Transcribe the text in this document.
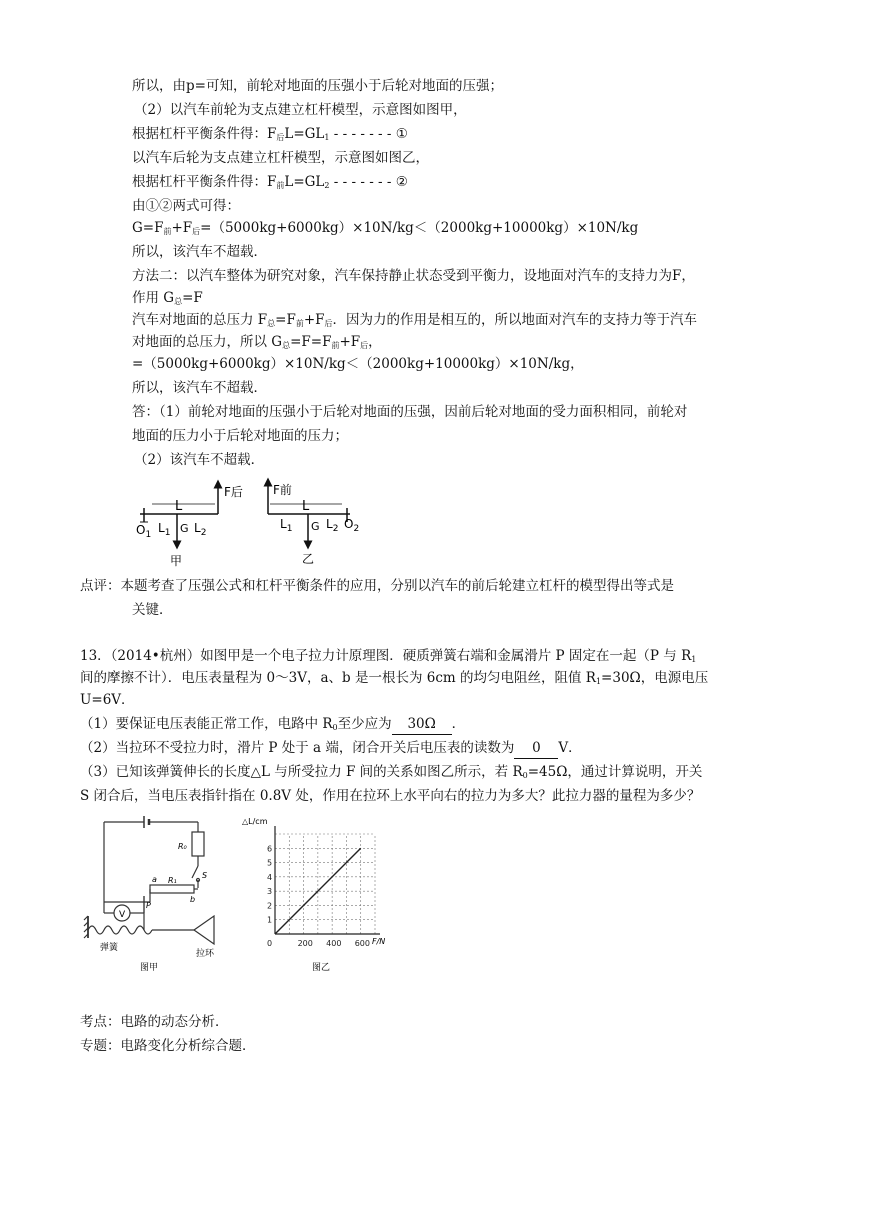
所以，由p=可知，前轮对地面的压强小于后轮对地面的压强；
（2）以汽车前轮为支点建立杠杆模型，示意图如图甲，
根据杠杆平衡条件得：$F_后L=GL_1$ - - - - - - - ①
以汽车后轮为支点建立杠杆模型，示意图如图乙，
根据杠杆平衡条件得：$F_前L=GL_2$ - - - - - - - ②
由①②两式可得：
$G=F_前+F_后=(5000kg+6000kg)\times 10N/kg<(2000kg+10000kg)\times 10N/kg$
所以，该汽车不超载．
方法二：以汽车整体为研究对象，汽车保持静止状态受到平衡力，设地面对汽车的支持力为F，
作用 $G_总=F$
汽车对地面的总压力 $F_总=F_前+F_后$．因为力的作用是相互的，所以地面对汽车的支持力等于汽车
对地面的总压力，所以 $G_总=F=F_前+F_后$，
=（5000kg+6000kg）×10N/kg＜（2000kg+10000kg）×10N/kg，
所以，该汽车不超载．
答：（1）前轮对地面的压强小于后轮对地面的压强，因前后轮对地面的受力面积相同，前轮对
地面的压力小于后轮对地面的压力；
（2）该汽车不超载．
F后
L
$O_1$ $L_1$ G $L_2$
甲
F前
L
$L_1$ G $L_2$ $O_2$
乙
点评：本题考查了压强公式和杠杆平衡条件的应用，分别以汽车的前后轮建立杠杆的模型得出等式是
关键．
13．（2014•杭州）如图甲是一个电子拉力计原理图．硬质弹簧右端和金属滑片 P 固定在一起（P 与 $R_1$
间的摩擦不计）．电压表量程为 0～3V，a、b 是一根长为 6cm 的均匀电阻丝，阻值 $R_1=30\Omega$，电源电压
U=6V．
（1）要保证电压表能正常工作，电路中 $R_0$至少应为 30Ω ．
（2）当拉环不受拉力时，滑片 P 处于 a 端，闭合开关后电压表的读数为 0 V．
（3）已知该弹簧伸长的长度△L 与所受拉力 F 间的关系如图乙所示，若 $R_0=45\Omega$，通过计算说明，开关
S 闭合后，当电压表指针指在 0.8V 处，作用在拉环上水平向右的拉力为多大？此拉力器的量程为多少？
V
R₀
R₁
a
b
S
P
弹簧
拉环
图甲
0	200 400 600
1
2
3
4
5
6
△L/cm
F/N
图乙
考点：电路的动态分析．
专题：电路变化分析综合题．
